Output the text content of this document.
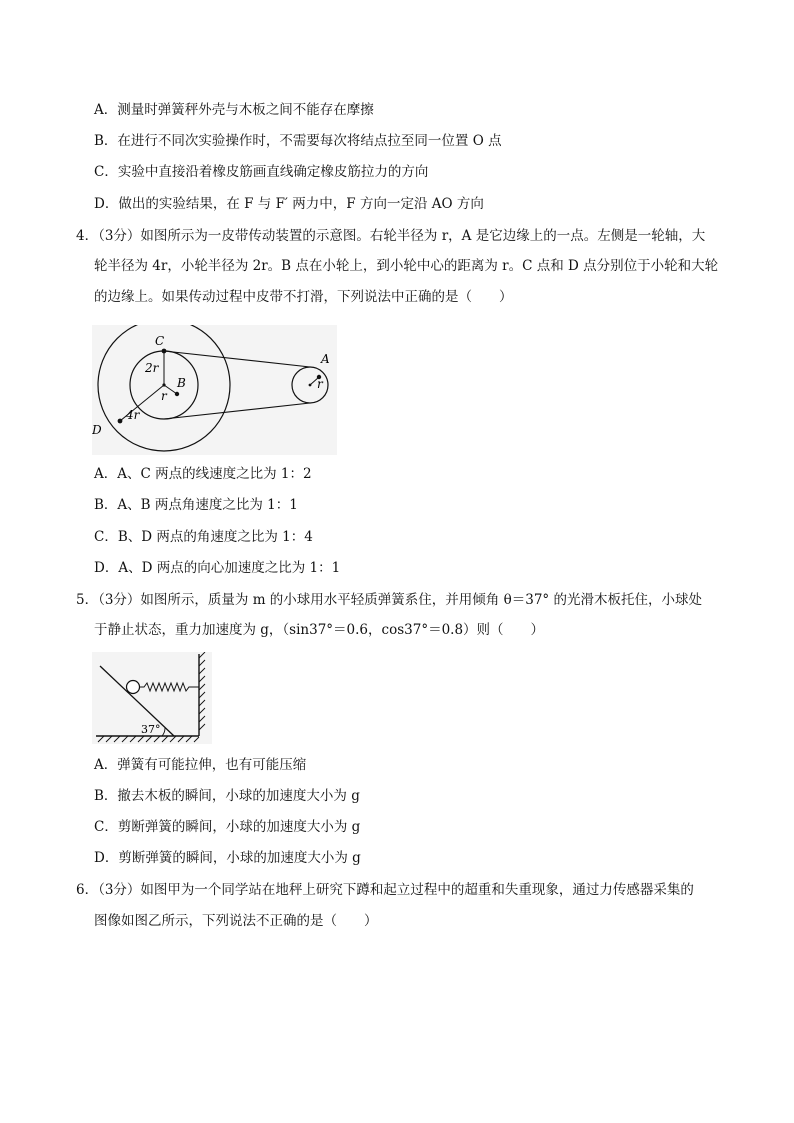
A．测量时弹簧秤外壳与木板之间不能存在摩擦
B．在进行不同次实验操作时，不需要每次将结点拉至同一位置 O 点
C．实验中直接沿着橡皮筋画直线确定橡皮筋拉力的方向
D．做出的实验结果，在 F 与 F′ 两力中，F 方向一定沿 AO 方向
4．（3分）如图所示为一皮带传动装置的示意图。右轮半径为 r，A 是它边缘上的一点。左侧是一轮轴，大
轮半径为 4r，小轮半径为 2r。B 点在小轮上，到小轮中心的距离为 r。C 点和 D 点分别位于小轮和大轮
的边缘上。如果传动过程中皮带不打滑，下列说法中正确的是（　　）
C
2r
B
r
4r
D
A
r
A．A、C 两点的线速度之比为 1：2
B．A、B 两点角速度之比为 1：1
C．B、D 两点的角速度之比为 1：4
D．A、D 两点的向心加速度之比为 1：1
5．（3分）如图所示，质量为 m 的小球用水平轻质弹簧系住，并用倾角 θ＝37° 的光滑木板托住，小球处
于静止状态，重力加速度为 g，（sin37°＝0.6，cos37°＝0.8）则（　　）
37°
A．弹簧有可能拉伸，也有可能压缩
B．撤去木板的瞬间，小球的加速度大小为 g
C．剪断弹簧的瞬间，小球的加速度大小为 g
D．剪断弹簧的瞬间，小球的加速度大小为 g
6．（3分）如图甲为一个同学站在地秤上研究下蹲和起立过程中的超重和失重现象，通过力传感器采集的
图像如图乙所示，下列说法不正确的是（　　）
